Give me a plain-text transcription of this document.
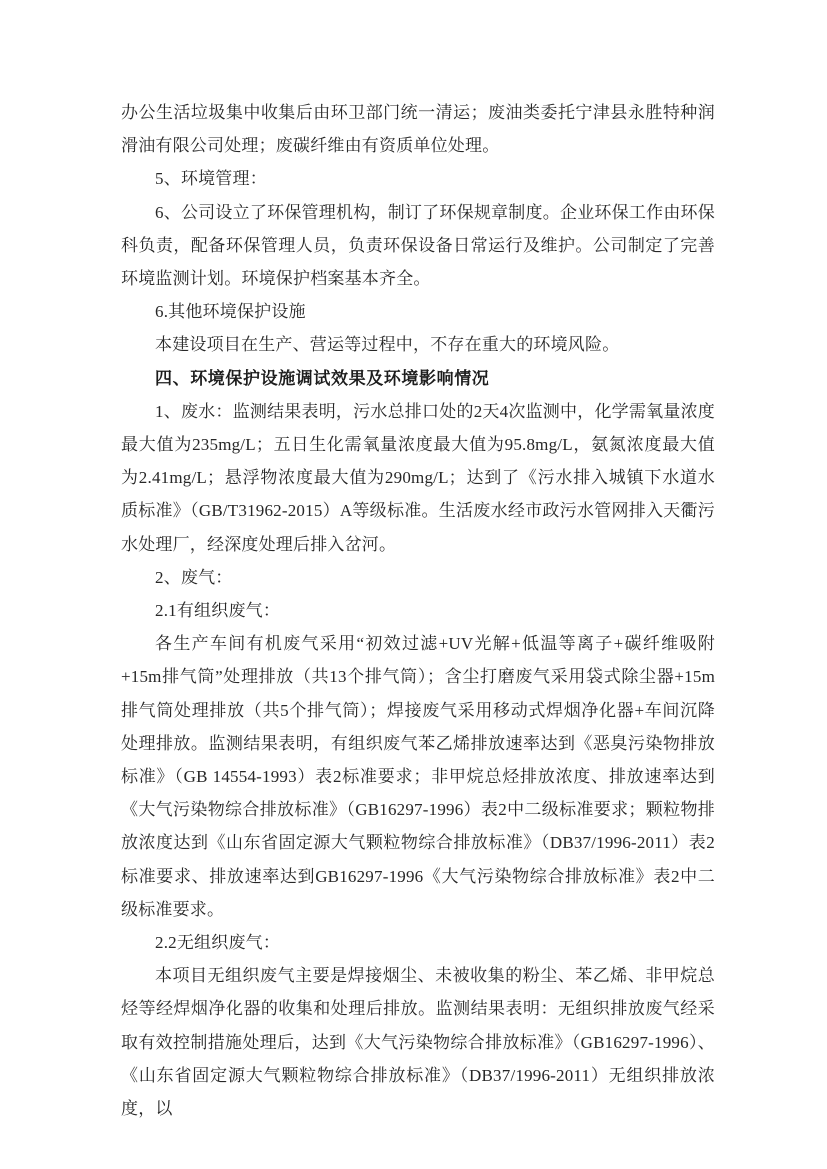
办公生活垃圾集中收集后由环卫部门统一清运；废油类委托宁津县永胜特种润滑油有限公司处理；废碳纤维由有资质单位处理。

5、环境管理：

6、公司设立了环保管理机构，制订了环保规章制度。企业环保工作由环保科负责，配备环保管理人员，负责环保设备日常运行及维护。公司制定了完善环境监测计划。环境保护档案基本齐全。

6.其他环境保护设施

本建设项目在生产、营运等过程中，不存在重大的环境风险。

四、环境保护设施调试效果及环境影响情况

1、废水：监测结果表明，污水总排口处的2天4次监测中，化学需氧量浓度最大值为235mg/L；五日生化需氧量浓度最大值为95.8mg/L，氨氮浓度最大值为2.41mg/L；悬浮物浓度最大值为290mg/L；达到了《污水排入城镇下水道水质标准》（GB/T31962-2015）A等级标准。生活废水经市政污水管网排入天衢污水处理厂，经深度处理后排入岔河。

2、废气：

2.1有组织废气：

各生产车间有机废气采用“初效过滤+UV光解+低温等离子+碳纤维吸附+15m排气筒”处理排放（共13个排气筒）；含尘打磨废气采用袋式除尘器+15m排气筒处理排放（共5个排气筒）；焊接废气采用移动式焊烟净化器+车间沉降处理排放。监测结果表明，有组织废气苯乙烯排放速率达到《恶臭污染物排放标准》（GB 14554-1993）表2标准要求；非甲烷总烃排放浓度、排放速率达到《大气污染物综合排放标准》（GB16297-1996）表2中二级标准要求；颗粒物排放浓度达到《山东省固定源大气颗粒物综合排放标准》（DB37/1996-2011）表2标准要求、排放速率达到GB16297-1996《大气污染物综合排放标准》表2中二级标准要求。

2.2无组织废气：

本项目无组织废气主要是焊接烟尘、未被收集的粉尘、苯乙烯、非甲烷总烃等经焊烟净化器的收集和处理后排放。监测结果表明：无组织排放废气经采取有效控制措施处理后，达到《大气污染物综合排放标准》（GB16297-1996）、《山东省固定源大气颗粒物综合排放标准》（DB37/1996-2011）无组织排放浓度，以
